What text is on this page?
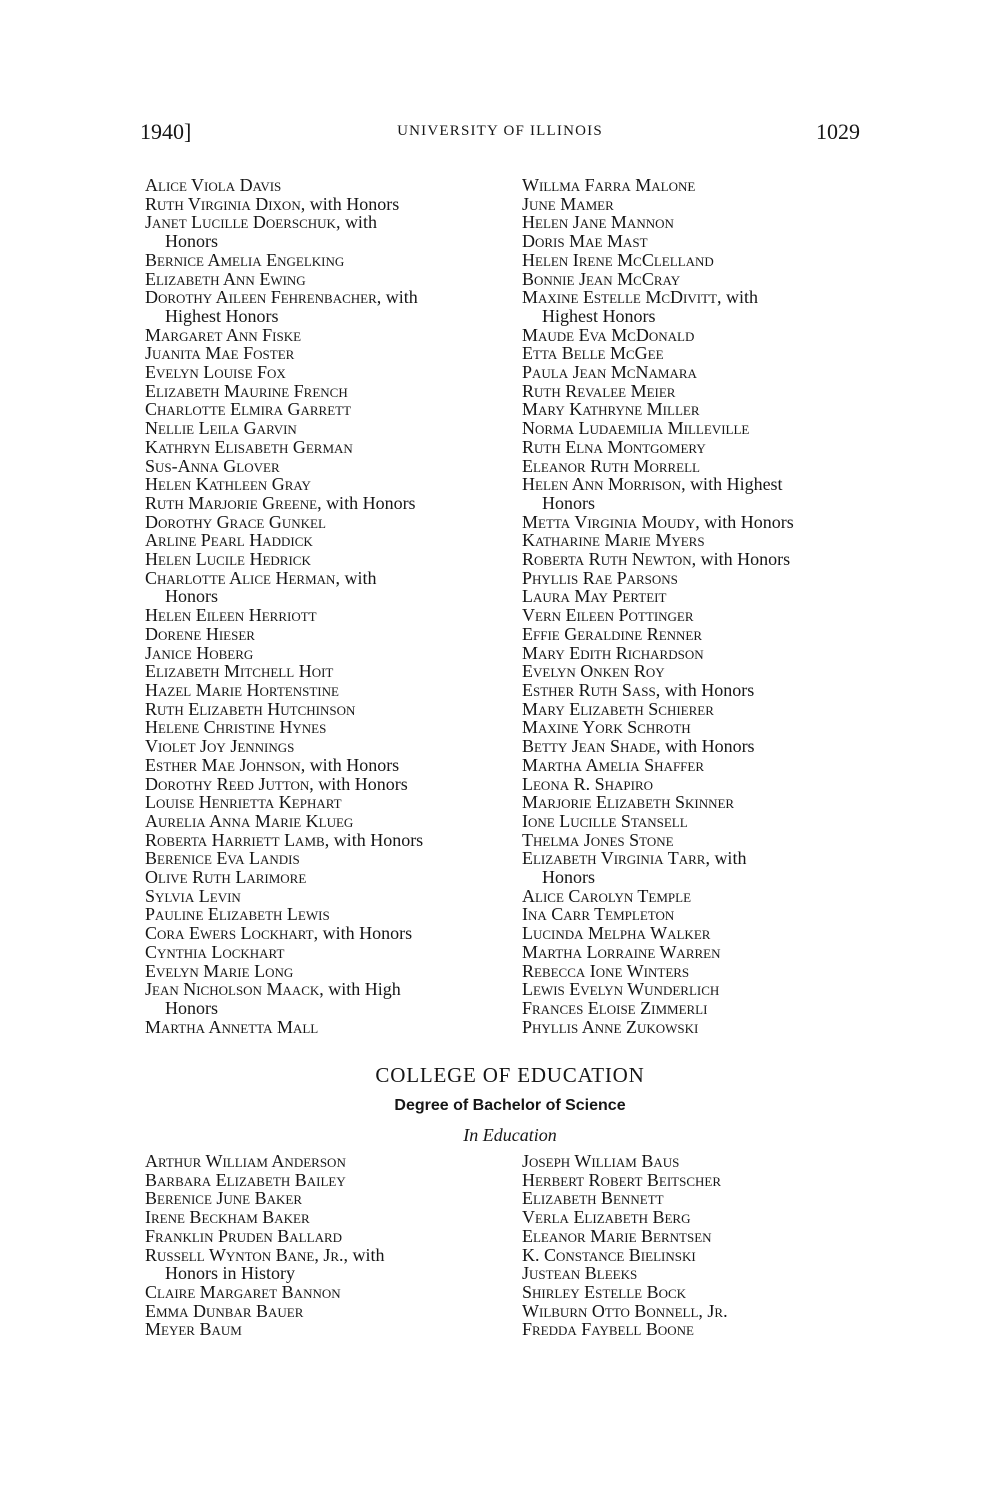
1940]	UNIVERSITY OF ILLINOIS	1029
Alice Viola Davis
Ruth Virginia Dixon, with Honors
Janet Lucille Doerschuk, with
Honors
Bernice Amelia Engelking
Elizabeth Ann Ewing
Dorothy Aileen Fehrenbacher, with
Highest Honors
Margaret Ann Fiske
Juanita Mae Foster
Evelyn Louise Fox
Elizabeth Maurine French
Charlotte Elmira Garrett
Nellie Leila Garvin
Kathryn Elisabeth German
Sus-Anna Glover
Helen Kathleen Gray
Ruth Marjorie Greene, with Honors
Dorothy Grace Gunkel
Arline Pearl Haddick
Helen Lucile Hedrick
Charlotte Alice Herman, with
Honors
Helen Eileen Herriott
Dorene Hieser
Janice Hoberg
Elizabeth Mitchell Hoit
Hazel Marie Hortenstine
Ruth Elizabeth Hutchinson
Helene Christine Hynes
Violet Joy Jennings
Esther Mae Johnson, with Honors
Dorothy Reed Jutton, with Honors
Louise Henrietta Kephart
Aurelia Anna Marie Klueg
Roberta Harriett Lamb, with Honors
Berenice Eva Landis
Olive Ruth Larimore
Sylvia Levin
Pauline Elizabeth Lewis
Cora Ewers Lockhart, with Honors
Cynthia Lockhart
Evelyn Marie Long
Jean Nicholson Maack, with High
Honors
Martha Annetta Mall
Willma Farra Malone
June Mamer
Helen Jane Mannon
Doris Mae Mast
Helen Irene McClelland
Bonnie Jean McCray
Maxine Estelle McDivitt, with
Highest Honors
Maude Eva McDonald
Etta Belle McGee
Paula Jean McNamara
Ruth Revalee Meier
Mary Kathryne Miller
Norma Ludaemilia Milleville
Ruth Elna Montgomery
Eleanor Ruth Morrell
Helen Ann Morrison, with Highest
Honors
Metta Virginia Moudy, with Honors
Katharine Marie Myers
Roberta Ruth Newton, with Honors
Phyllis Rae Parsons
Laura May Perteit
Vern Eileen Pottinger
Effie Geraldine Renner
Mary Edith Richardson
Evelyn Onken Roy
Esther Ruth Sass, with Honors
Mary Elizabeth Schierer
Maxine York Schroth
Betty Jean Shade, with Honors
Martha Amelia Shaffer
Leona R. Shapiro
Marjorie Elizabeth Skinner
Ione Lucille Stansell
Thelma Jones Stone
Elizabeth Virginia Tarr, with
Honors
Alice Carolyn Temple
Ina Carr Templeton
Lucinda Melpha Walker
Martha Lorraine Warren
Rebecca Ione Winters
Lewis Evelyn Wunderlich
Frances Eloise Zimmerli
Phyllis Anne Zukowski
COLLEGE OF EDUCATION
Degree of Bachelor of Science
In Education
Arthur William Anderson
Barbara Elizabeth Bailey
Berenice June Baker
Irene Beckham Baker
Franklin Pruden Ballard
Russell Wynton Bane, Jr., with
Honors in History
Claire Margaret Bannon
Emma Dunbar Bauer
Meyer Baum
Joseph William Baus
Herbert Robert Beitscher
Elizabeth Bennett
Verla Elizabeth Berg
Eleanor Marie Berntsen
K. Constance Bielinski
Justean Bleeks
Shirley Estelle Bock
Wilburn Otto Bonnell, Jr.
Fredda Faybell Boone
